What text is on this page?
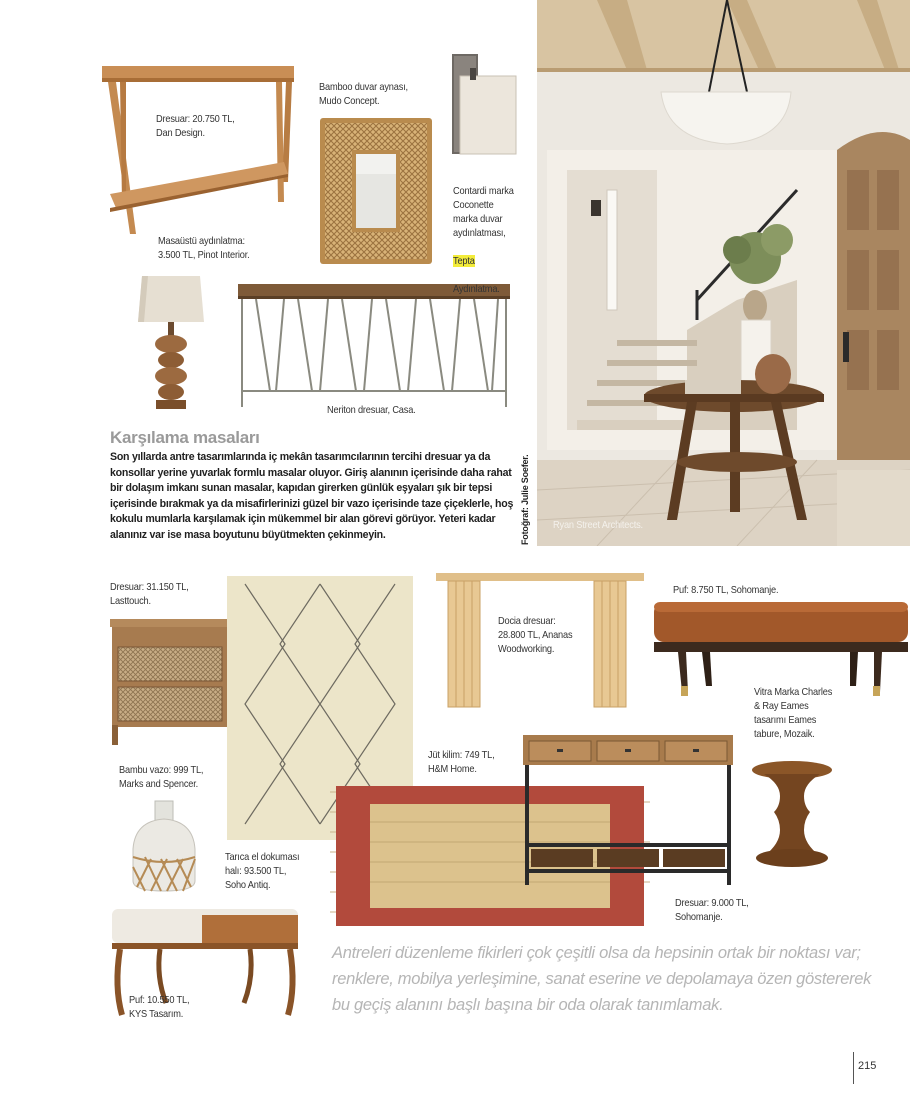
Dresuar: 20.750 TL,
Dan Design.
Bamboo duvar aynası,
Mudo Concept.

Contardi marka
Coconette
marka duvar
aydınlatması,

Tepta

Aydınlatma.

Masaüstü aydınlatma:
3.500 TL, Pinot Interior.
Neriton dresuar, Casa.
Karşılama masaları
Son yıllarda antre tasarımlarında iç mekân tasarımcılarının tercihi dresuar ya da konsollar yerine yuvarlak formlu masalar oluyor. Giriş alanının içerisinde daha rahat bir dolaşım imkanı sunan masalar, kapıdan girerken günlük eşyaları şık bir tepsi içerisinde bırakmak ya da misafirlerinizi güzel bir vazo içerisinde taze çiçeklerle, hoş kokulu mumlarla karşılamak için mükemmel bir alan görevi görüyor. Yeteri kadar alanınız var ise masa boyutunu büyütmekten çekinmeyin.	Fotoğraf: Julie Soefer. Ryan Street Architects.
Dresuar: 31.150 TL,
Lasttouch.
Docia dresuar:
28.800 TL, Ananas
Woodworking.
Puf: 8.750 TL, Sohomanje.
Vitra Marka Charles
& Ray Eames
tasarımı Eames
tabure, Mozaik.
Bambu vazo: 999 TL,
Marks and Spencer.
Jüt kilim: 749 TL,
H&M Home.
Tarıca el dokuması
halı: 93.500 TL,
Soho Antiq.
Dresuar: 9.000 TL,
Sohomanje.
Puf: 10.550 TL,
KYS Tasarım.
Antreleri düzenleme fikirleri çok çeşitli olsa da hepsinin ortak bir noktası var; renklere, mobilya yerleşimine, sanat eserine ve depolamaya özen göstererek bu geçiş alanını başlı başına bir oda olarak tanımlamak.
215
